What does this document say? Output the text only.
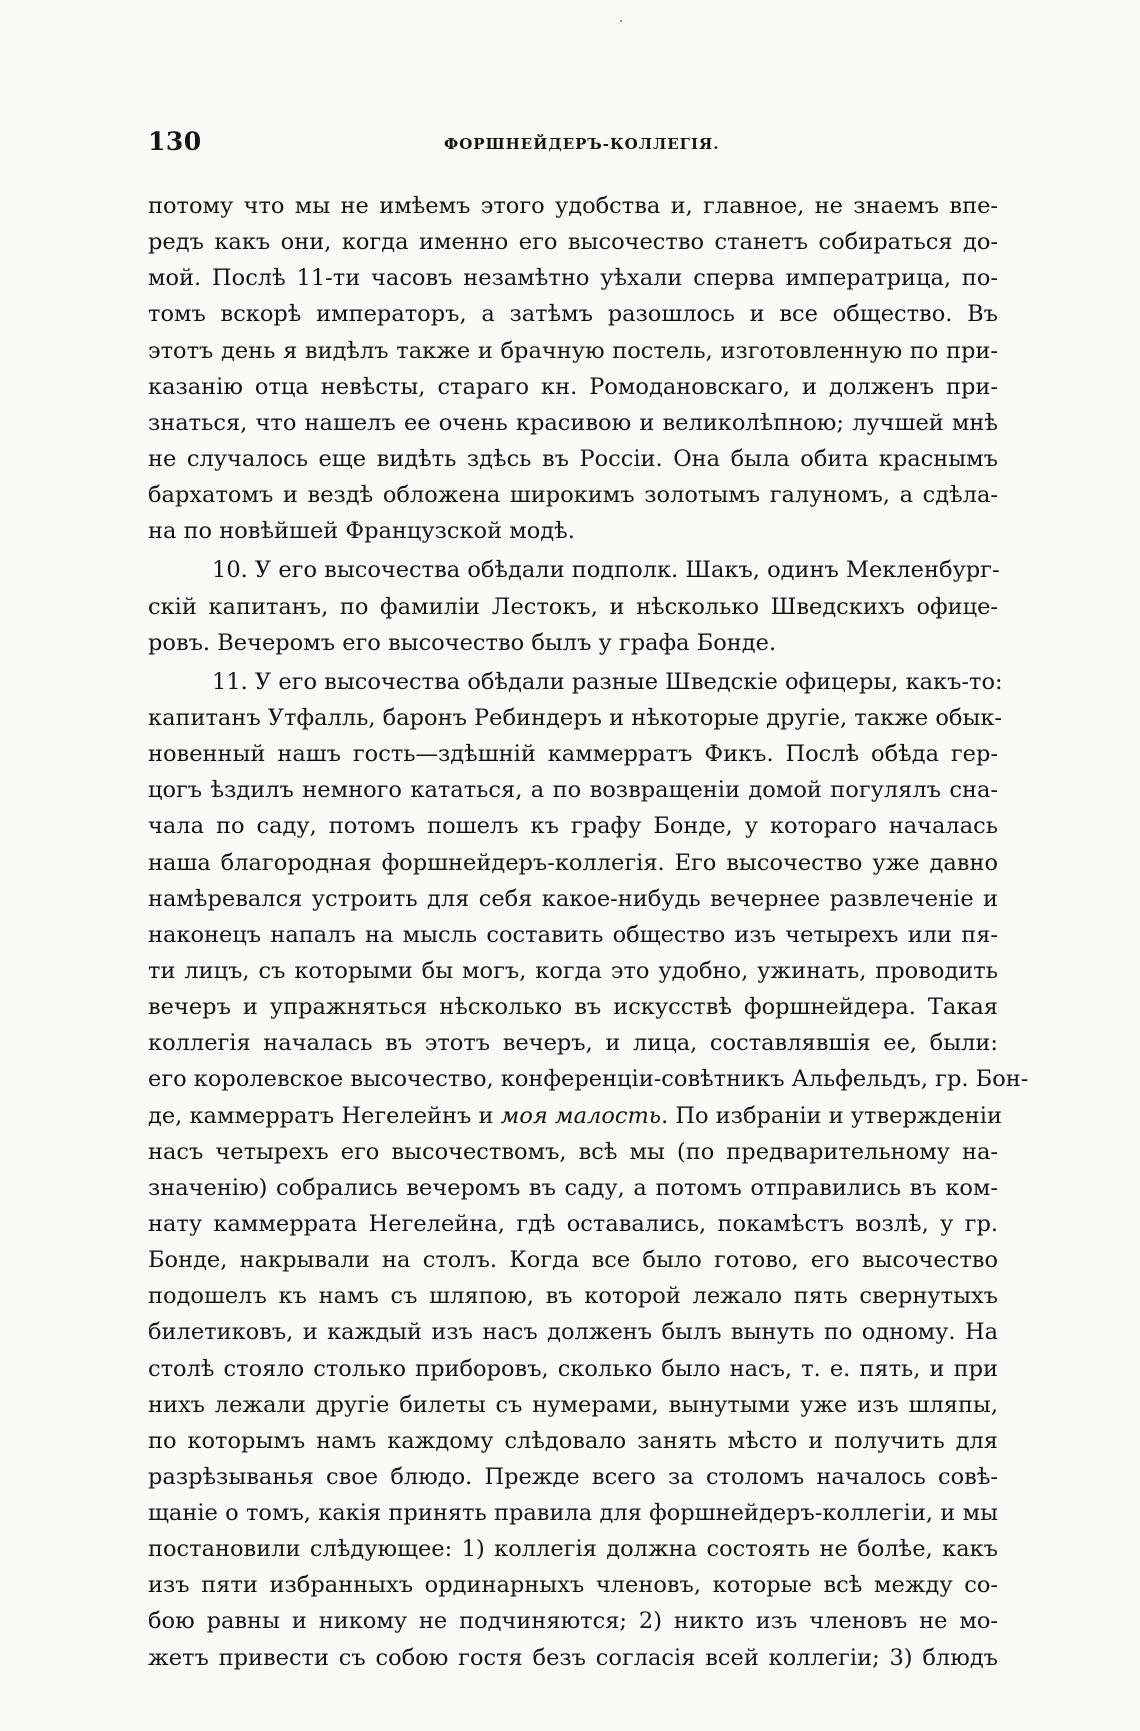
·
130	ФОРШНЕЙДЕРЪ-КОЛЛЕГІЯ.
потому что мы не имѣемъ этого удобства и, главное, не знаемъ впе-
редъ какъ они, когда именно его высочество станетъ собираться до-
мой. Послѣ 11-ти часовъ незамѣтно уѣхали сперва императрица, по-
томъ вскорѣ императоръ, а затѣмъ разошлось и все общество. Въ
этотъ день я видѣлъ также и брачную постель, изготовленную по при-
казанію отца невѣсты, стараго кн. Ромодановскаго, и долженъ при-
знаться, что нашелъ ее очень красивою и великолѣпною; лучшей мнѣ
не случалось еще видѣть здѣсь въ Россіи. Она была обита краснымъ
бархатомъ и вездѣ обложена широкимъ золотымъ галуномъ, а сдѣла-
на по новѣйшей Французской модѣ.
10. У его высочества обѣдали подполк. Шакъ, одинъ Мекленбург-
скій капитанъ, по фамиліи Лестокъ, и нѣсколько Шведскихъ офице-
ровъ. Вечеромъ его высочество былъ у графа Бонде.
11. У его высочества обѣдали разные Шведскіе офицеры, какъ-то:
капитанъ Утфалль, баронъ Ребиндеръ и нѣкоторые другіе, также обык-
новенный нашъ гость—здѣшній каммерратъ Фикъ. Послѣ обѣда гер-
цогъ ѣздилъ немного кататься, а по возвращеніи домой погулялъ сна-
чала по саду, потомъ пошелъ къ графу Бонде, у котораго началась
наша благородная форшнейдеръ-коллегія. Его высочество уже давно
намѣревался устроить для себя какое-нибудь вечернее развлеченіе и
наконецъ напалъ на мысль составить общество изъ четырехъ или пя-
ти лицъ, съ которыми бы могъ, когда это удобно, ужинать, проводить
вечеръ и упражняться нѣсколько въ искусствѣ форшнейдера. Такая
коллегія началась въ этотъ вечеръ, и лица, составлявшія ее, были:
его королевское высочество, конференціи-совѣтникъ Альфельдъ, гр. Бон-
де, каммерратъ Негелейнъ и моя малость. По избраніи и утвержденіи
насъ четырехъ его высочествомъ, всѣ мы (по предварительному на-
значенію) собрались вечеромъ въ саду, а потомъ отправились въ ком-
нату каммеррата Негелейна, гдѣ оставались, покамѣстъ возлѣ, у гр.
Бонде, накрывали на столъ. Когда все было готово, его высочество
подошелъ къ намъ съ шляпою, въ которой лежало пять свернутыхъ
билетиковъ, и каждый изъ насъ долженъ былъ вынуть по одному. На
столѣ стояло столько приборовъ, сколько было насъ, т. е. пять, и при
нихъ лежали другіе билеты съ нумерами, вынутыми уже изъ шляпы,
по которымъ намъ каждому слѣдовало занять мѣсто и получить для
разрѣзыванья свое блюдо. Прежде всего за столомъ началось совѣ-
щаніе о томъ, какія принять правила для форшнейдеръ-коллегіи, и мы
постановили слѣдующее: 1) коллегія должна состоять не болѣе, какъ
изъ пяти избранныхъ ординарныхъ членовъ, которые всѣ между со-
бою равны и никому не подчиняются; 2) никто изъ членовъ не мо-
жетъ привести съ собою гостя безъ согласія всей коллегіи; 3) блюдъ
